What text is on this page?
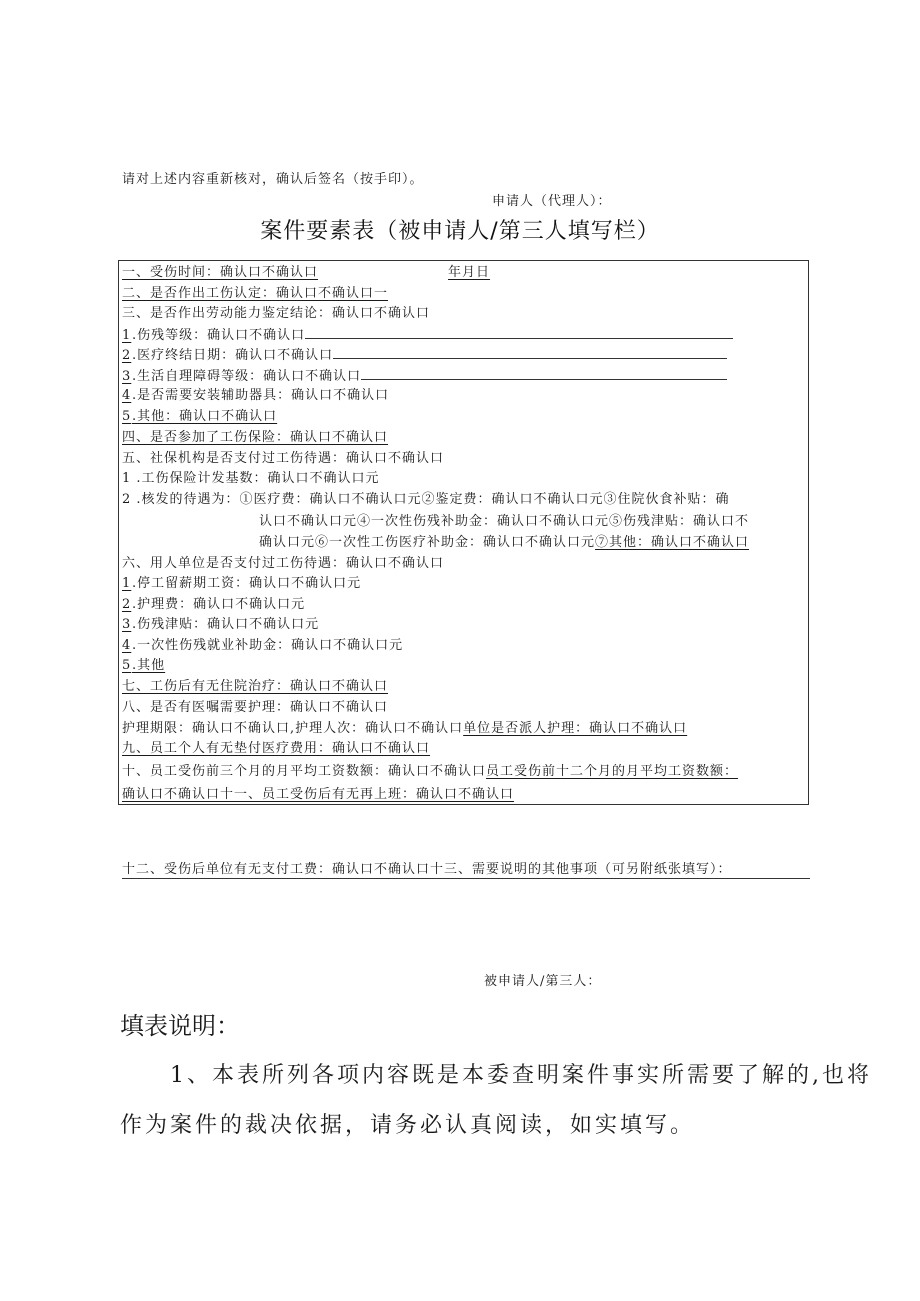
请对上述内容重新核对，确认后签名（按手印）。
申请人（代理人）：
案件要素表（被申请人/第三人填写栏）
一、受伤时间：确认口不确认口	年月日
二、是否作出工伤认定：确认口不确认口一
三、是否作出劳动能力鉴定结论：确认口不确认口
1.伤残等级：确认口不确认口
2.医疗终结日期：确认口不确认口
3.生活自理障碍等级：确认口不确认口
4.是否需要安装辅助器具：确认口不确认口
5.其他：确认口不确认口
四、是否参加了工伤保险：确认口不确认口
五、社保机构是否支付过工伤待遇：确认口不确认口
1 .工伤保险计发基数：确认口不确认口元
2 .核发的待遇为：①医疗费：确认口不确认口元②鉴定费：确认口不确认口元③住院伙食补贴：确
认口不确认口元④一次性伤残补助金：确认口不确认口元⑤伤残津贴：确认口不
确认口元⑥一次性工伤医疗补助金：确认口不确认口元⑦其他：确认口不确认口
六、用人单位是否支付过工伤待遇：确认口不确认口
1.停工留薪期工资：确认口不确认口元
2.护理费：确认口不确认口元
3.伤残津贴：确认口不确认口元
4.一次性伤残就业补助金：确认口不确认口元
5.其他
七、工伤后有无住院治疗：确认口不确认口
八、是否有医嘱需要护理：确认口不确认口
护理期限：确认口不确认口,护理人次：确认口不确认口单位是否派人护理：确认口不确认口
九、员工个人有无垫付医疗费用：确认口不确认口
十、员工受伤前三个月的月平均工资数额：确认口不确认口员工受伤前十二个月的月平均工资数额：
确认口不确认口十一、员工受伤后有无再上班：确认口不确认口
十二、受伤后单位有无支付工费：确认口不确认口十三、需要说明的其他事项（可另附纸张填写）：
被申请人/第三人：
填表说明：
1、本表所列各项内容既是本委查明案件事实所需要了解的,也将
作为案件的裁决依据，请务必认真阅读，如实填写。
